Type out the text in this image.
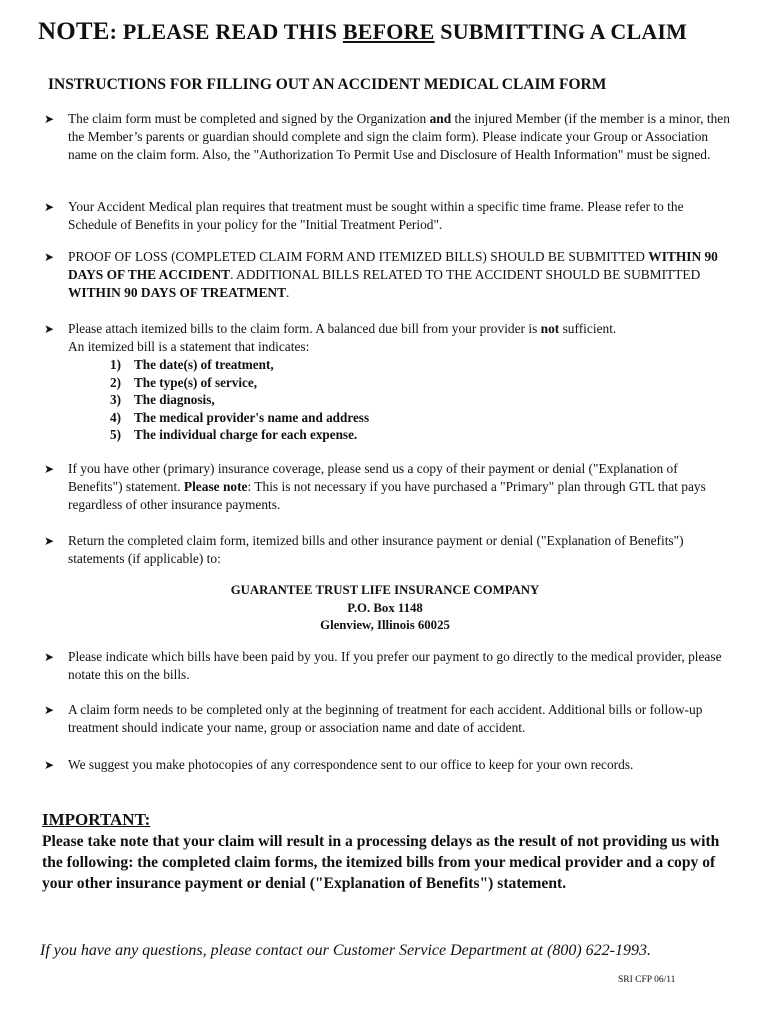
NOTE: PLEASE READ THIS BEFORE SUBMITTING A CLAIM
INSTRUCTIONS FOR FILLING OUT AN ACCIDENT MEDICAL CLAIM FORM
➤ The claim form must be completed and signed by the Organization and the injured Member (if the member is a minor, then the Member’s parents or guardian should complete and sign the claim form). Please indicate your Group or Association name on the claim form. Also, the "Authorization To Permit Use and Disclosure of Health Information" must be signed.
➤ Your Accident Medical plan requires that treatment must be sought within a specific time frame. Please refer to the Schedule of Benefits in your policy for the "Initial Treatment Period".
➤ PROOF OF LOSS (COMPLETED CLAIM FORM AND ITEMIZED BILLS) SHOULD BE SUBMITTED WITHIN 90 DAYS OF THE ACCIDENT. ADDITIONAL BILLS RELATED TO THE ACCIDENT SHOULD BE SUBMITTED WITHIN 90 DAYS OF TREATMENT.
➤ Please attach itemized bills to the claim form. A balanced due bill from your provider is not sufficient.
An itemized bill is a statement that indicates:
1) The date(s) of treatment,
2) The type(s) of service,
3) The diagnosis,
4) The medical provider's name and address
5) The individual charge for each expense.
➤ If you have other (primary) insurance coverage, please send us a copy of their payment or denial ("Explanation of Benefits") statement. Please note: This is not necessary if you have purchased a "Primary" plan through GTL that pays regardless of other insurance payments.
➤ Return the completed claim form, itemized bills and other insurance payment or denial ("Explanation of Benefits") statements (if applicable) to:
GUARANTEE TRUST LIFE INSURANCE COMPANY
P.O. Box 1148
Glenview, Illinois 60025
➤ Please indicate which bills have been paid by you. If you prefer our payment to go directly to the medical provider, please notate this on the bills.
➤ A claim form needs to be completed only at the beginning of treatment for each accident. Additional bills or follow-up treatment should indicate your name, group or association name and date of accident.
➤ We suggest you make photocopies of any correspondence sent to our office to keep for your own records.
IMPORTANT:
Please take note that your claim will result in a processing delays as the result of not providing us with the following: the completed claim forms, the itemized bills from your medical provider and a copy of your other insurance payment or denial ("Explanation of Benefits") statement.
If you have any questions, please contact our Customer Service Department at (800) 622-1993.
SRI CFP 06/11
